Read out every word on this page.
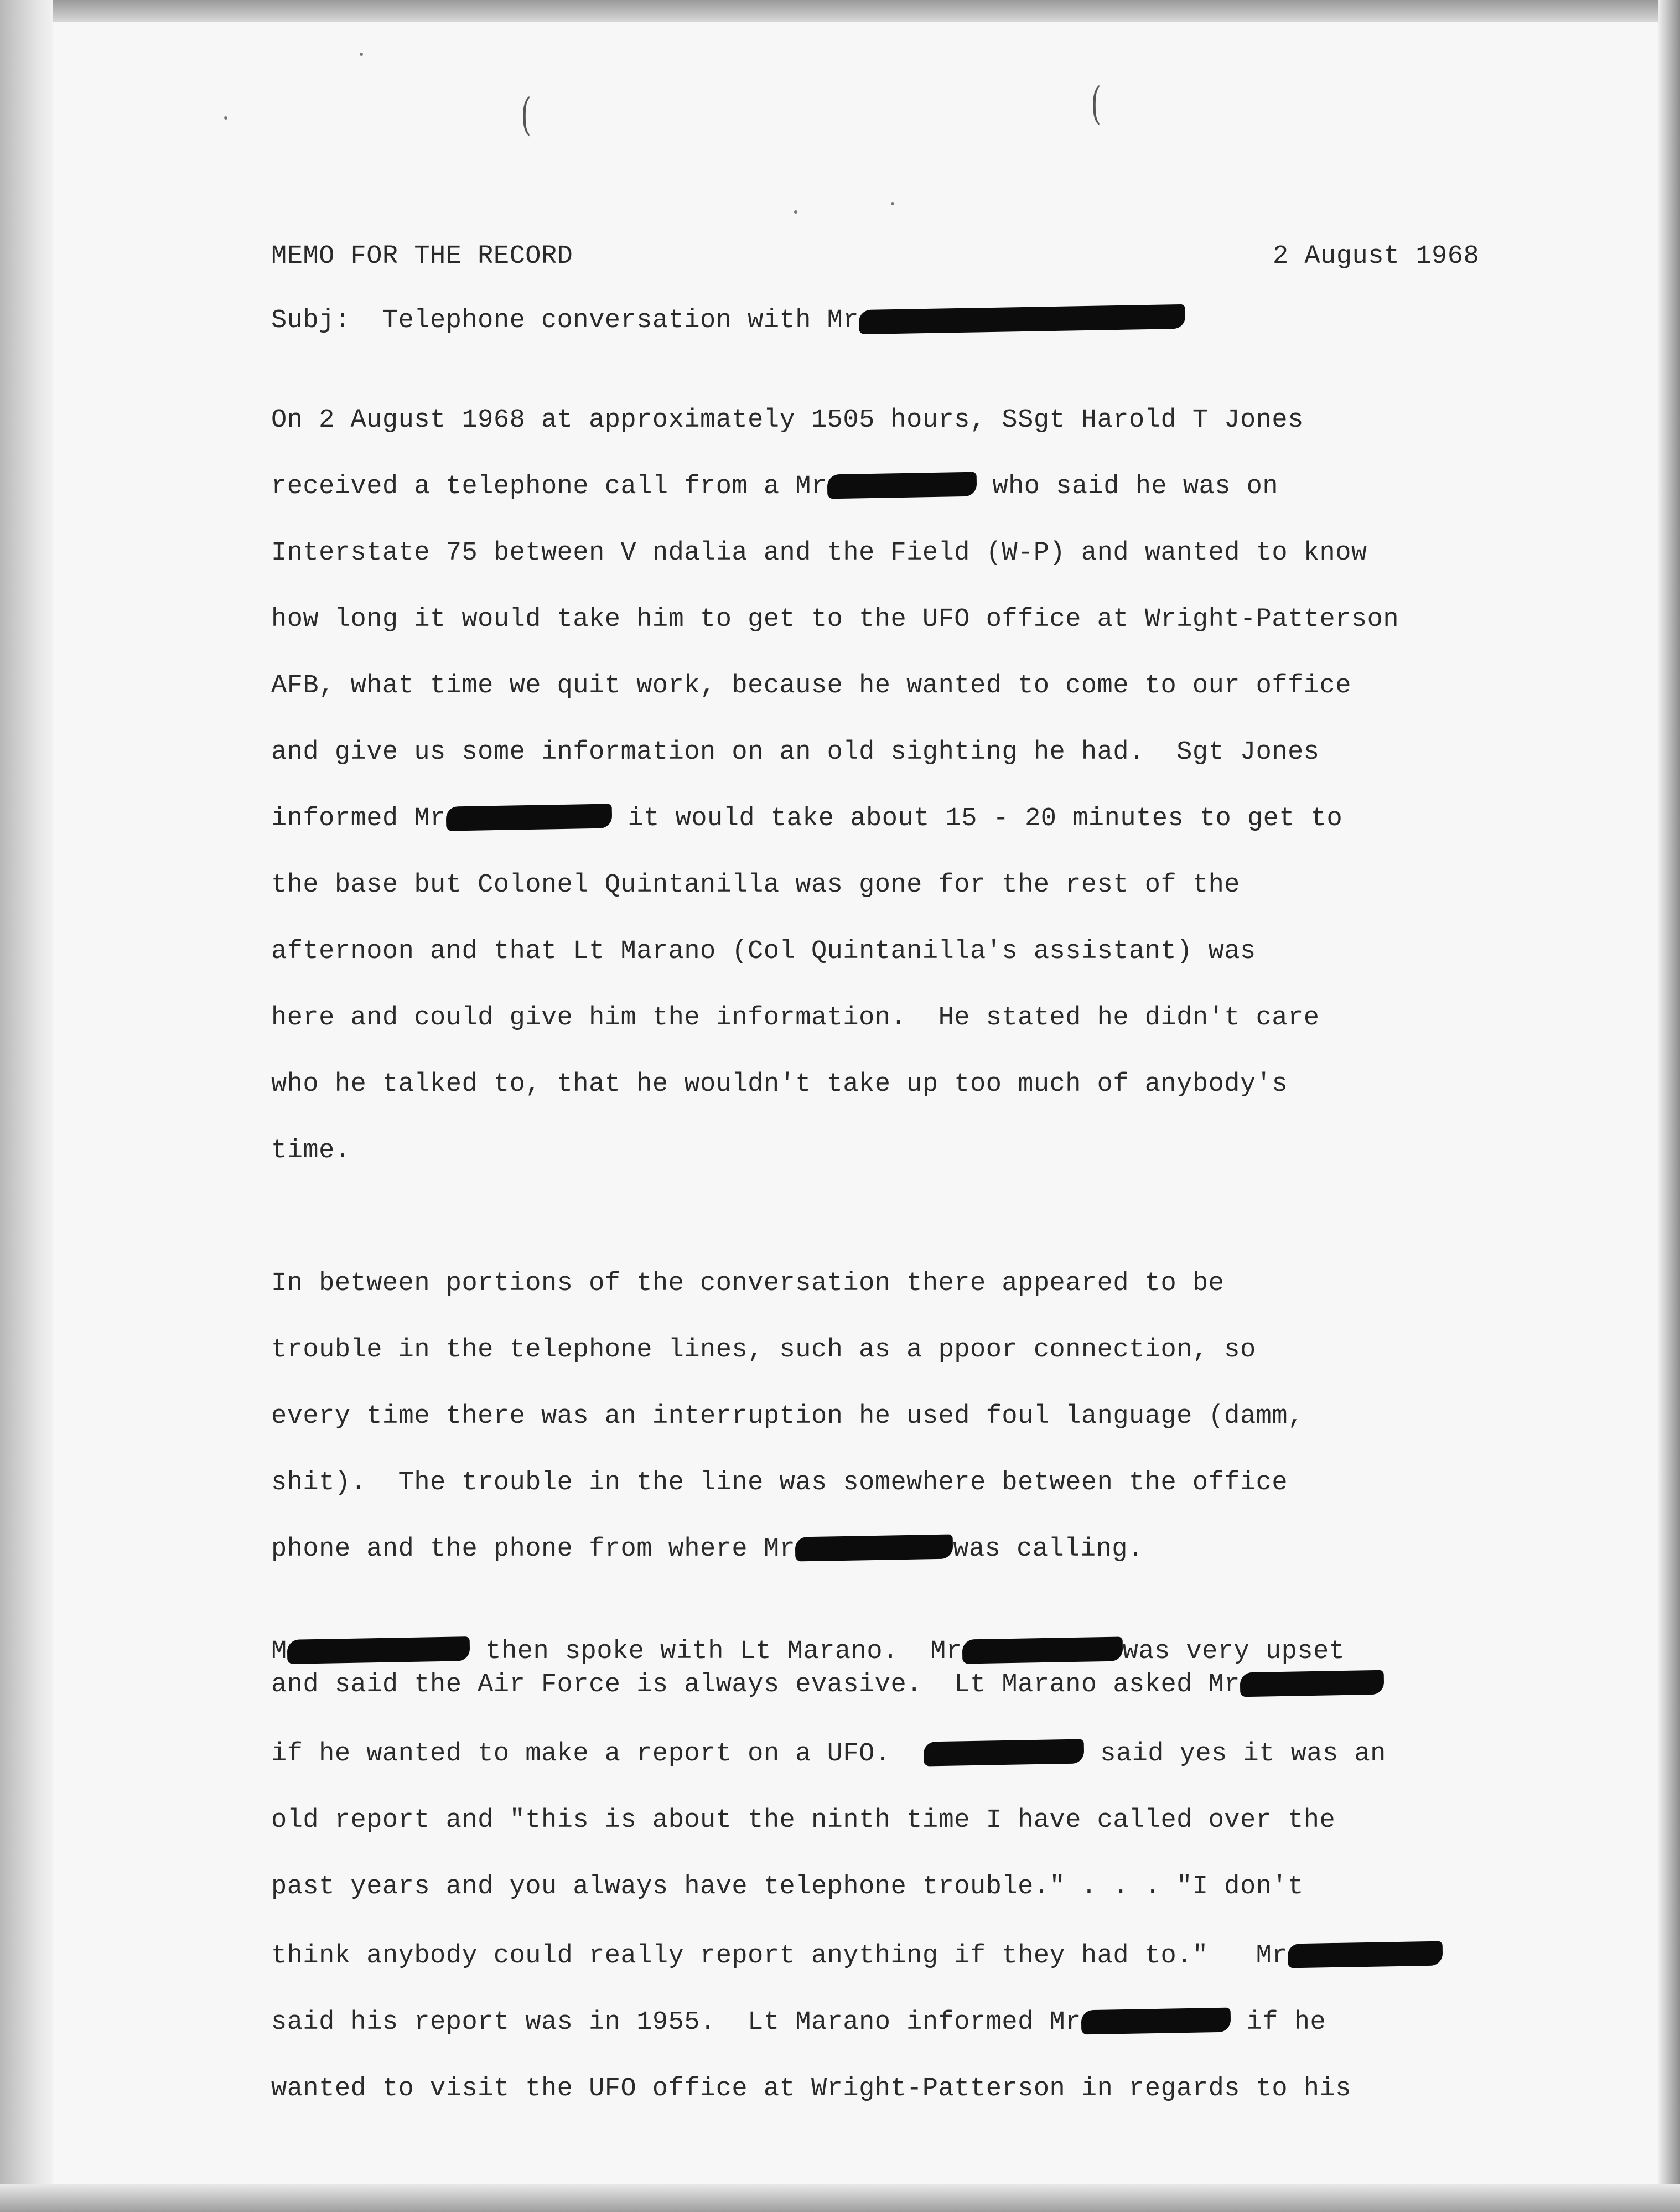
(	(
MEMO FOR THE RECORD	2 August 1968
Subj:  Telephone conversation with Mr
On 2 August 1968 at approximately 1505 hours, SSgt Harold T Jones
received a telephone call from a Mr	who said he was on
Interstate 75 between V ndalia and the Field (W-P) and wanted to know
how long it would take him to get to the UFO office at Wright-Patterson
AFB, what time we quit work, because he wanted to come to our office
and give us some information on an old sighting he had.  Sgt Jones
informed Mr	it would take about 15 - 20 minutes to get to
the base but Colonel Quintanilla was gone for the rest of the
afternoon and that Lt Marano (Col Quintanilla's assistant) was
here and could give him the information.  He stated he didn't care
who he talked to, that he wouldn't take up too much of anybody's
time.
In between portions of the conversation there appeared to be
trouble in the telephone lines, such as a ppoor connection, so
every time there was an interruption he used foul language (damm,
shit).  The trouble in the line was somewhere between the office
phone and the phone from where Mr	was calling.
M	then spoke with Lt Marano.  Mr	was very upset
and said the Air Force is always evasive.  Lt Marano asked Mr
if he wanted to make a report on a UFO.	said yes it was an
old report and "this is about the ninth time I have called over the
past years and you always have telephone trouble." . . . "I don't
think anybody could really report anything if they had to."   Mr
said his report was in 1955.  Lt Marano informed Mr	if he
wanted to visit the UFO office at Wright-Patterson in regards to his
